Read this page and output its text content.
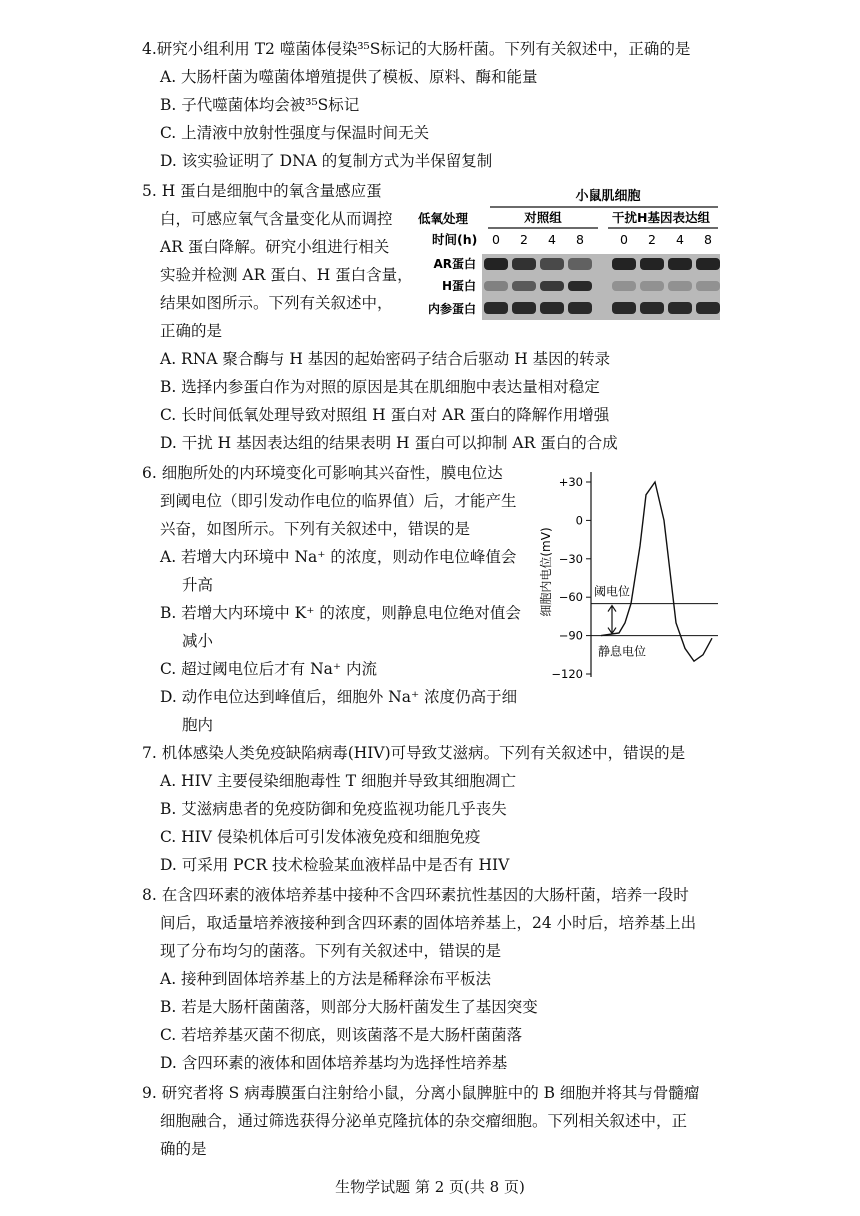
4.研究小组利用 T2 噬菌体侵染³⁵S标记的大肠杆菌。下列有关叙述中，正确的是
A. 大肠杆菌为噬菌体增殖提供了模板、原料、酶和能量
B. 子代噬菌体均会被³⁵S标记
C. 上清液中放射性强度与保温时间无关
D. 该实验证明了 DNA 的复制方式为半保留复制
5. H 蛋白是细胞中的氧含量感应蛋
白，可感应氧气含量变化从而调控
AR 蛋白降解。研究小组进行相关
实验并检测 AR 蛋白、H 蛋白含量，
结果如图所示。下列有关叙述中，
正确的是
小鼠肌细胞
低氧处理	对照组	干扰H基因表达组
时间(h) 0 2 4 8	0 2 4 8
AR蛋白
H蛋白
内参蛋白
A. RNA 聚合酶与 H 基因的起始密码子结合后驱动 H 基因的转录
B. 选择内参蛋白作为对照的原因是其在肌细胞中表达量相对稳定
C. 长时间低氧处理导致对照组 H 蛋白对 AR 蛋白的降解作用增强
D. 干扰 H 基因表达组的结果表明 H 蛋白可以抑制 AR 蛋白的合成
6. 细胞所处的内环境变化可影响其兴奋性，膜电位达
到阈电位（即引发动作电位的临界值）后，才能产生
兴奋，如图所示。下列有关叙述中，错误的是
A. 若增大内环境中 Na⁺ 的浓度，则动作电位峰值会
升高
B. 若增大内环境中 K⁺ 的浓度，则静息电位绝对值会
减小
C. 超过阈电位后才有 Na⁺ 内流
D. 动作电位达到峰值后，细胞外 Na⁺ 浓度仍高于细
胞内
细胞内电位(mV)
+30
0
−30
−60
−90
−120
阈电位
静息电位
7. 机体感染人类免疫缺陷病毒(HIV)可导致艾滋病。下列有关叙述中，错误的是
A. HIV 主要侵染细胞毒性 T 细胞并导致其细胞凋亡
B. 艾滋病患者的免疫防御和免疫监视功能几乎丧失
C. HIV 侵染机体后可引发体液免疫和细胞免疫
D. 可采用 PCR 技术检验某血液样品中是否有 HIV
8. 在含四环素的液体培养基中接种不含四环素抗性基因的大肠杆菌，培养一段时
间后，取适量培养液接种到含四环素的固体培养基上，24 小时后，培养基上出
现了分布均匀的菌落。下列有关叙述中，错误的是
A. 接种到固体培养基上的方法是稀释涂布平板法
B. 若是大肠杆菌菌落，则部分大肠杆菌发生了基因突变
C. 若培养基灭菌不彻底，则该菌落不是大肠杆菌菌落
D. 含四环素的液体和固体培养基均为选择性培养基
9. 研究者将 S 病毒膜蛋白注射给小鼠，分离小鼠脾脏中的 B 细胞并将其与骨髓瘤
细胞融合，通过筛选获得分泌单克隆抗体的杂交瘤细胞。下列相关叙述中，正
确的是
生物学试题 第 2 页(共 8 页)
